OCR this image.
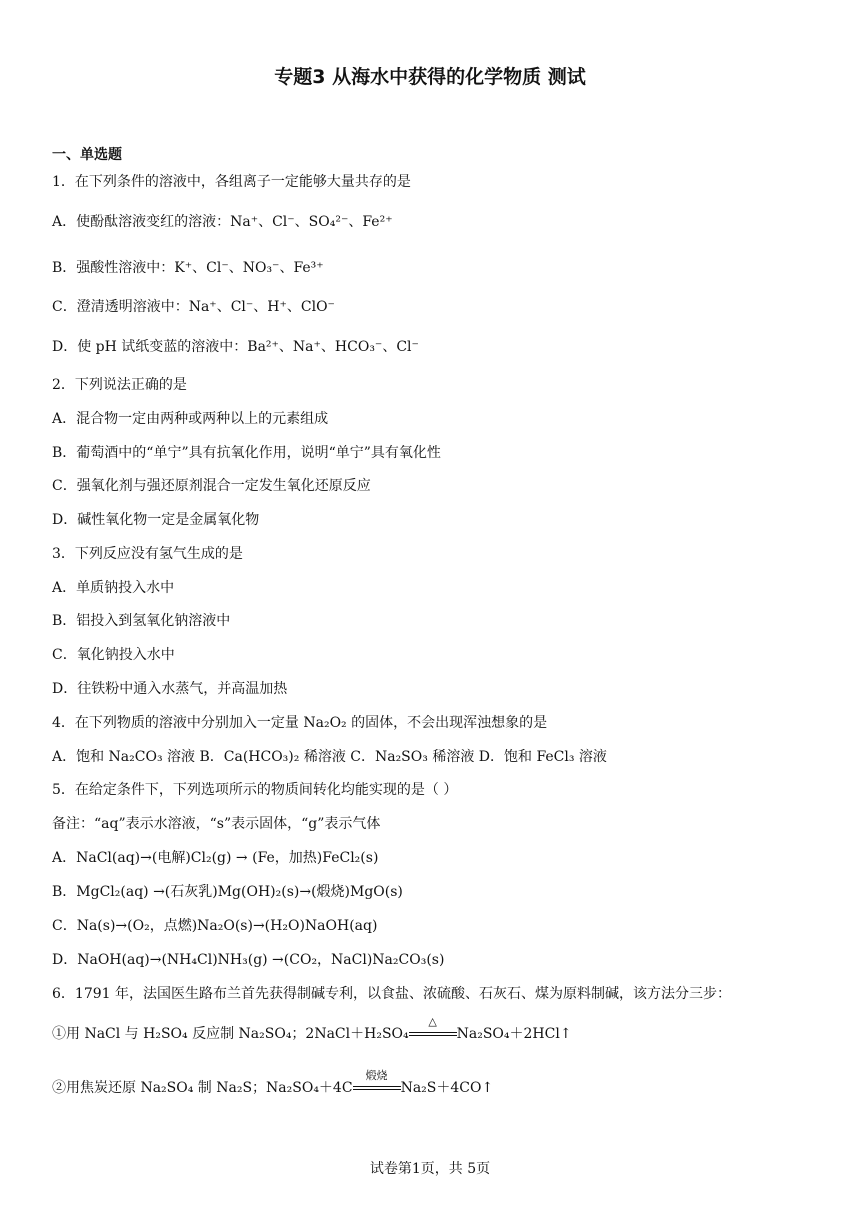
专题3 从海水中获得的化学物质 测试
一、单选题
1．在下列条件的溶液中，各组离子一定能够大量共存的是
A．使酚酞溶液变红的溶液：Na⁺、Cl⁻、SO₄²⁻、Fe²⁺
B．强酸性溶液中：K⁺、Cl⁻、NO₃⁻、Fe³⁺
C．澄清透明溶液中：Na⁺、Cl⁻、H⁺、ClO⁻
D．使 pH 试纸变蓝的溶液中：Ba²⁺、Na⁺、HCO₃⁻、Cl⁻
2．下列说法正确的是
A．混合物一定由两种或两种以上的元素组成
B．葡萄酒中的“单宁”具有抗氧化作用，说明“单宁”具有氧化性
C．强氧化剂与强还原剂混合一定发生氧化还原反应
D．碱性氧化物一定是金属氧化物
3．下列反应没有氢气生成的是
A．单质钠投入水中
B．铝投入到氢氧化钠溶液中
C．氧化钠投入水中
D．往铁粉中通入水蒸气，并高温加热
4．在下列物质的溶液中分别加入一定量 Na₂O₂ 的固体，不会出现浑浊想象的是
A．饱和 Na₂CO₃ 溶液 B．Ca(HCO₃)₂ 稀溶液 C．Na₂SO₃ 稀溶液 D．饱和 FeCl₃ 溶液
5．在给定条件下，下列选项所示的物质间转化均能实现的是（ ）
备注：“aq”表示水溶液，“s”表示固体，“g”表示气体
A．NaCl(aq)→(电解)Cl₂(g) → (Fe，加热)FeCl₂(s)
B．MgCl₂(aq) →(石灰乳)Mg(OH)₂(s)→(煅烧)MgO(s)
C．Na(s)→(O₂，点燃)Na₂O(s)→(H₂O)NaOH(aq)
D．NaOH(aq)→(NH₄Cl)NH₃(g) →(CO₂，NaCl)Na₂CO₃(s)
6．1791 年，法国医生路布兰首先获得制碱专利，以食盐、浓硫酸、石灰石、煤为原料制碱，该方法分三步：
①用 NaCl 与 H₂SO₄ 反应制 Na₂SO₄；2NaCl＋H₂SO₄
△
Na₂SO₄＋2HCl↑
②用焦炭还原 Na₂SO₄ 制 Na₂S；Na₂SO₄＋4C
煅烧
Na₂S＋4CO↑
试卷第1页，共 5页
